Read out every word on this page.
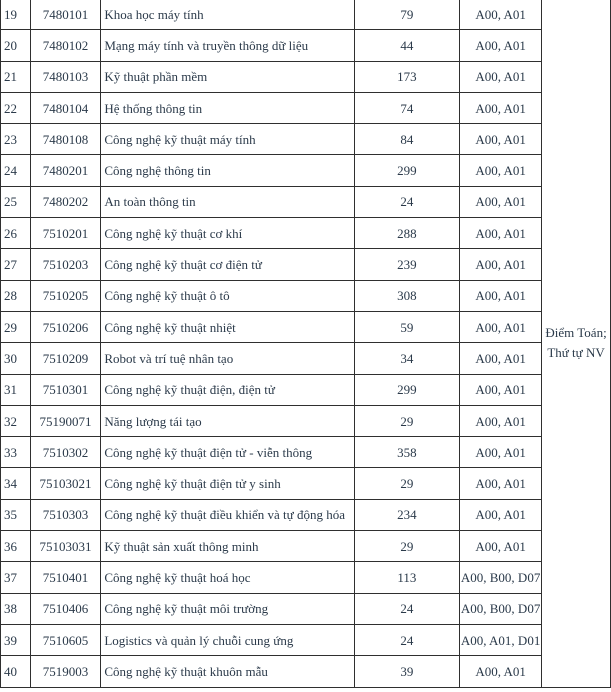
19	7480101	Khoa học máy tính	79	A00, A01	Điểm Toán;
Thứ tự NV

20	7480102	Mạng máy tính và truyền thông dữ liệu	44	A00, A01	
21	7480103	Kỹ thuật phần mềm	173	A00, A01	
22	7480104	Hệ thống thông tin	74	A00, A01	
23	7480108	Công nghệ kỹ thuật máy tính	84	A00, A01	
24	7480201	Công nghệ thông tin	299	A00, A01	
25	7480202	An toàn thông tin	24	A00, A01	
26	7510201	Công nghệ kỹ thuật cơ khí	288	A00, A01	
27	7510203	Công nghệ kỹ thuật cơ điện tử	239	A00, A01	
28	7510205	Công nghệ kỹ thuật ô tô	308	A00, A01	
29	7510206	Công nghệ kỹ thuật nhiệt	59	A00, A01	
30	7510209	Robot và trí tuệ nhân tạo	34	A00, A01	
31	7510301	Công nghệ kỹ thuật điện, điện tử	299	A00, A01	
32	75190071	Năng lượng tái tạo	29	A00, A01	
33	7510302	Công nghệ kỹ thuật điện tử - viễn thông	358	A00, A01	
34	75103021	Công nghệ kỹ thuật điện tử y sinh	29	A00, A01	
35	7510303	Công nghệ kỹ thuật điều khiển và tự động hóa	234	A00, A01	
36	75103031	Kỹ thuật sản xuất thông minh	29	A00, A01	
37	7510401	Công nghệ kỹ thuật hoá học	113	A00, B00, D07	
38	7510406	Công nghệ kỹ thuật môi trường	24	A00, B00, D07	
39	7510605	Logistics và quản lý chuỗi cung ứng	24	A00, A01, D01	
40	7519003	Công nghệ kỹ thuật khuôn mẫu	39	A00, A01	
